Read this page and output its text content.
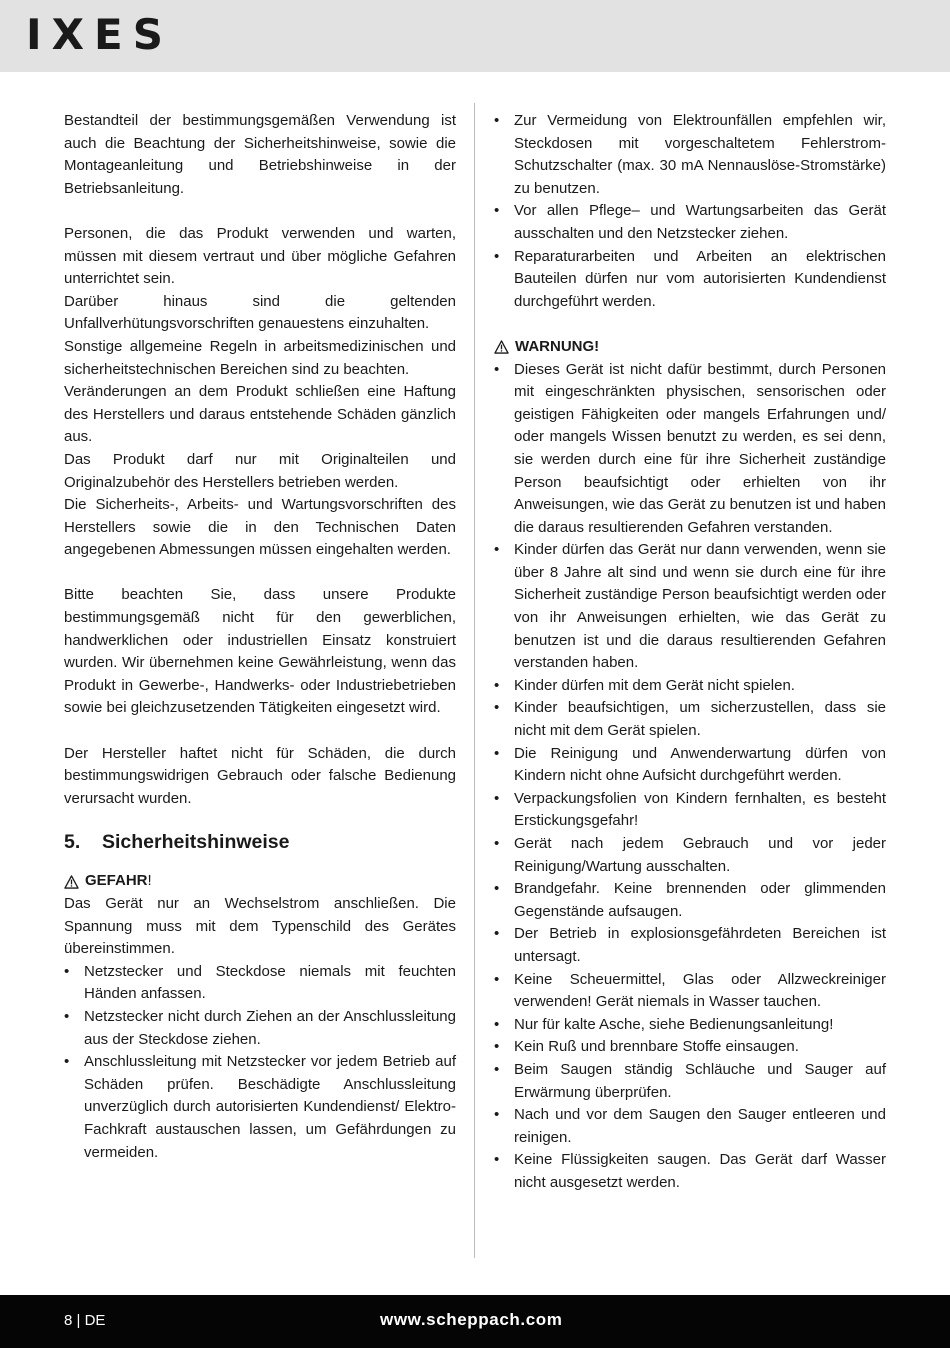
IXES

Bestandteil der bestimmungsgemäßen Verwendung ist auch die Beachtung der Sicherheitshinweise, sowie die Montageanleitung und Betriebshinweise in der Betriebsanleitung.

Personen, die das Produkt verwenden und warten, müssen mit diesem vertraut und über mögliche Gefahren unterrichtet sein.

Darüber hinaus sind die geltenden Unfallverhütungsvorschriften genauestens einzuhalten.

Sonstige allgemeine Regeln in arbeitsmedizinischen und sicherheitstechnischen Bereichen sind zu beachten.

Veränderungen an dem Produkt schließen eine Haftung des Herstellers und daraus entstehende Schäden gänzlich aus.

Das Produkt darf nur mit Originalteilen und Originalzubehör des Herstellers betrieben werden.

Die Sicherheits-, Arbeits- und Wartungsvorschriften des Herstellers sowie die in den Technischen Daten angegebenen Abmessungen müssen eingehalten werden.

Bitte beachten Sie, dass unsere Produkte bestimmungsgemäß nicht für den gewerblichen, handwerklichen oder industriellen Einsatz konstruiert wurden. Wir übernehmen keine Gewährleistung, wenn das Produkt in Gewerbe-, Handwerks- oder Industriebetrieben sowie bei gleichzusetzenden Tätigkeiten eingesetzt wird.

Der Hersteller haftet nicht für Schäden, die durch bestimmungswidrigen Gebrauch oder falsche Bedienung verursacht wurden.

5.	Sicherheitshinweise

GEFAHR !

Das Gerät nur an Wechselstrom anschließen. Die Spannung muss mit dem Typenschild des Gerätes übereinstimmen.

• Netzstecker und Steckdose niemals mit feuchten Händen anfassen.
• Netzstecker nicht durch Ziehen an der Anschlussleitung aus der Steckdose ziehen.
• Anschlussleitung mit Netzstecker vor jedem Betrieb auf Schäden prüfen. Beschädigte Anschlussleitung unverzüglich durch autorisierten Kundendienst/ Elektro-Fachkraft austauschen lassen, um Gefährdungen zu vermeiden.
• Zur Vermeidung von Elektrounfällen empfehlen wir, Steckdosen mit vorgeschaltetem Fehlerstrom-Schutzschalter (max. 30 mA Nennauslöse-Stromstärke) zu benutzen.
• Vor allen Pflege– und Wartungsarbeiten das Gerät ausschalten und den Netzstecker ziehen.
• Reparaturarbeiten und Arbeiten an elektrischen Bauteilen dürfen nur vom autorisierten Kundendienst durchgeführt werden.

WARNUNG!

• Dieses Gerät ist nicht dafür bestimmt, durch Personen mit eingeschränkten physischen, sensorischen oder geistigen Fähigkeiten oder mangels Erfahrungen und/ oder mangels Wissen benutzt zu werden, es sei denn, sie werden durch eine für ihre Sicherheit zuständige Person beaufsichtigt oder erhielten von ihr Anweisungen, wie das Gerät zu benutzen ist und haben die daraus resultierenden Gefahren verstanden.
• Kinder dürfen das Gerät nur dann verwenden, wenn sie über 8 Jahre alt sind und wenn sie durch eine für ihre Sicherheit zuständige Person beaufsichtigt werden oder von ihr Anweisungen erhielten, wie das Gerät zu benutzen ist und die daraus resultierenden Gefahren verstanden haben.
• Kinder dürfen mit dem Gerät nicht spielen.
• Kinder beaufsichtigen, um sicherzustellen, dass sie nicht mit dem Gerät spielen.
• Die Reinigung und Anwenderwartung dürfen von Kindern nicht ohne Aufsicht durchgeführt werden.
• Verpackungsfolien von Kindern fernhalten, es besteht Erstickungsgefahr!
• Gerät nach jedem Gebrauch und vor jeder Reinigung/Wartung ausschalten.
• Brandgefahr. Keine brennenden oder glimmenden Gegenstände aufsaugen.
• Der Betrieb in explosionsgefährdeten Bereichen ist untersagt.
• Keine Scheuermittel, Glas oder Allzweckreiniger verwenden! Gerät niemals in Wasser tauchen.
• Nur für kalte Asche, siehe Bedienungsanleitung!
• Kein Ruß und brennbare Stoffe einsaugen.
• Beim Saugen ständig Schläuche und Sauger auf Erwärmung überprüfen.
• Nach und vor dem Saugen den Sauger entleeren und reinigen.
• Keine Flüssigkeiten saugen. Das Gerät darf Wasser nicht ausgesetzt werden.
8 | DE	www.scheppach.com
